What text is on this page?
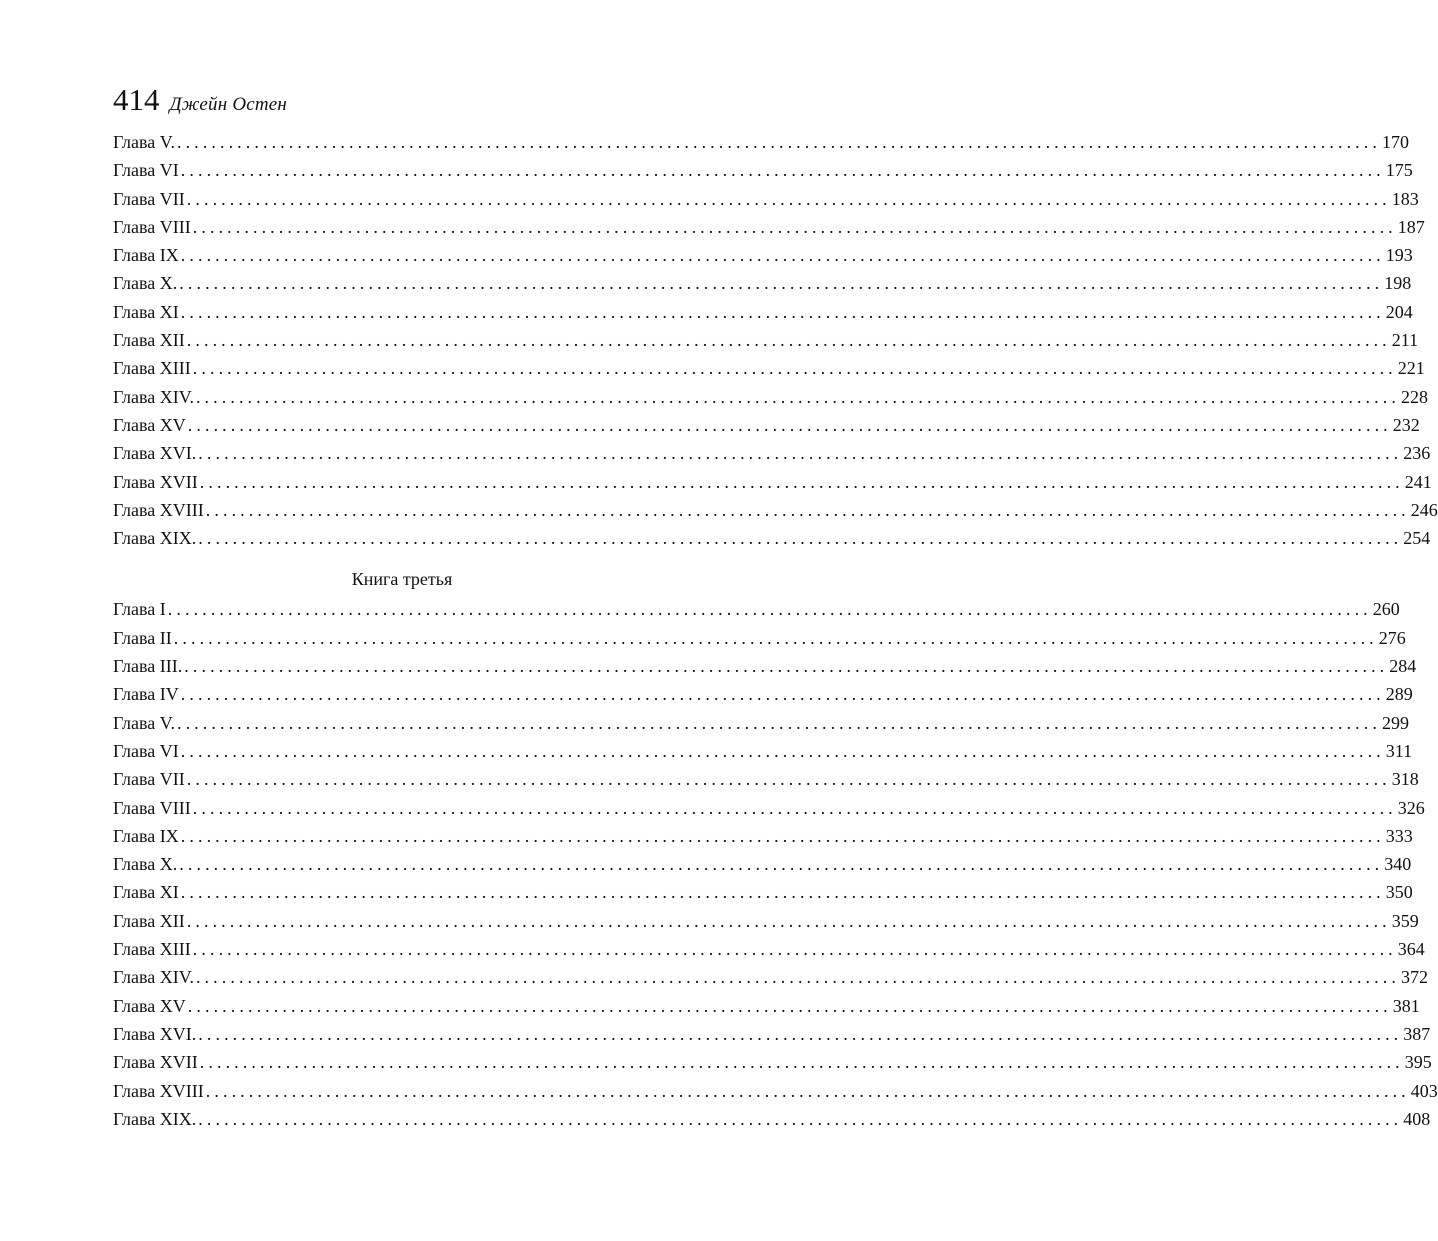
414 Джейн Остен
Глава V. ............................................................................................................................................ 170
Глава VI ............................................................................................................................................ 175
Глава VII ............................................................................................................................................ 183
Глава VIII ............................................................................................................................................ 187
Глава IX ............................................................................................................................................ 193
Глава X. ............................................................................................................................................ 198
Глава XI ............................................................................................................................................ 204
Глава XII ............................................................................................................................................ 211
Глава XIII ............................................................................................................................................ 221
Глава XIV. ............................................................................................................................................ 228
Глава XV ............................................................................................................................................ 232
Глава XVI. ............................................................................................................................................ 236
Глава XVII ............................................................................................................................................ 241
Глава XVIII ............................................................................................................................................ 246
Глава XIX. ............................................................................................................................................ 254
Книга третья
Глава I ............................................................................................................................................ 260
Глава II ............................................................................................................................................ 276
Глава III. ............................................................................................................................................ 284
Глава IV ............................................................................................................................................ 289
Глава V. ............................................................................................................................................ 299
Глава VI ............................................................................................................................................ 311
Глава VII ............................................................................................................................................ 318
Глава VIII ............................................................................................................................................ 326
Глава IX ............................................................................................................................................ 333
Глава X. ............................................................................................................................................ 340
Глава XI ............................................................................................................................................ 350
Глава XII ............................................................................................................................................ 359
Глава XIII ............................................................................................................................................ 364
Глава XIV. ............................................................................................................................................ 372
Глава XV ............................................................................................................................................ 381
Глава XVI. ............................................................................................................................................ 387
Глава XVII ............................................................................................................................................ 395
Глава XVIII ............................................................................................................................................ 403
Глава XIX. ............................................................................................................................................ 408
